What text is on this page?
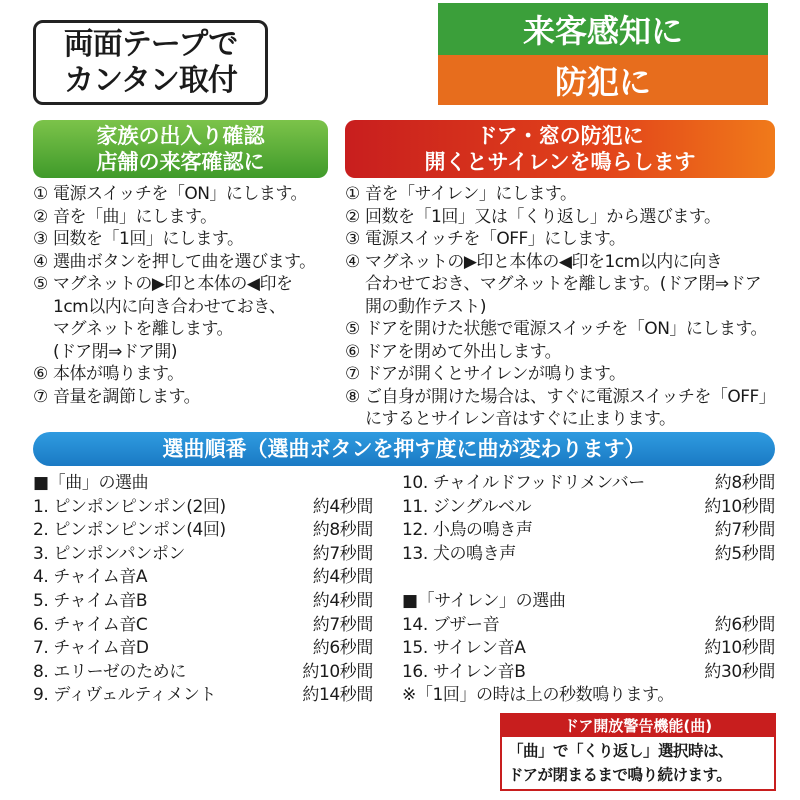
両面テープで
カンタン取付
来客感知に
防犯に
家族の出入り確認
店舗の来客確認に
① 電源スイッチを「ON」にします。
② 音を「曲」にします。
③ 回数を「1回」にします。
④ 選曲ボタンを押して曲を選びます。
⑤ マグネットの▶印と本体の◀印を
1cm以内に向き合わせておき、
マグネットを離します。
(ドア閉⇒ドア開)
⑥ 本体が鳴ります。
⑦ 音量を調節します。
ドア・窓の防犯に
開くとサイレンを鳴らします
① 音を「サイレン」にします。
② 回数を「1回」又は「くり返し」から選びます。
③ 電源スイッチを「OFF」にします。
④ マグネットの▶印と本体の◀印を1cm以内に向き
合わせておき、マグネットを離します。(ドア閉⇒ドア
開の動作テスト)
⑤ ドアを開けた状態で電源スイッチを「ON」にします。
⑥ ドアを閉めて外出します。
⑦ ドアが開くとサイレンが鳴ります。
⑧ ご自身が開けた場合は、すぐに電源スイッチを「OFF」
にするとサイレン音はすぐに止まります。
選曲順番（選曲ボタンを押す度に曲が変わります）
■「曲」の選曲
1. ピンポンピンポン(2回)	約4秒間
2. ピンポンピンポン(4回)	約8秒間
3. ピンポンパンポン	約7秒間
4. チャイム音A	約4秒間
5. チャイム音B	約4秒間
6. チャイム音C	約7秒間
7. チャイム音D	約6秒間
8. エリーゼのために	約10秒間
9. ディヴェルティメント	約14秒間
10. チャイルドフッドリメンバー	約8秒間
11. ジングルベル	約10秒間
12. 小鳥の鳴き声	約7秒間
13. 犬の鳴き声	約5秒間
■「サイレン」の選曲
14. ブザー音	約6秒間
15. サイレン音A	約10秒間
16. サイレン音B	約30秒間
※「1回」の時は上の秒数鳴ります。
ドア開放警告機能(曲)
「曲」で「くり返し」選択時は、
ドアが閉まるまで鳴り続けます。
